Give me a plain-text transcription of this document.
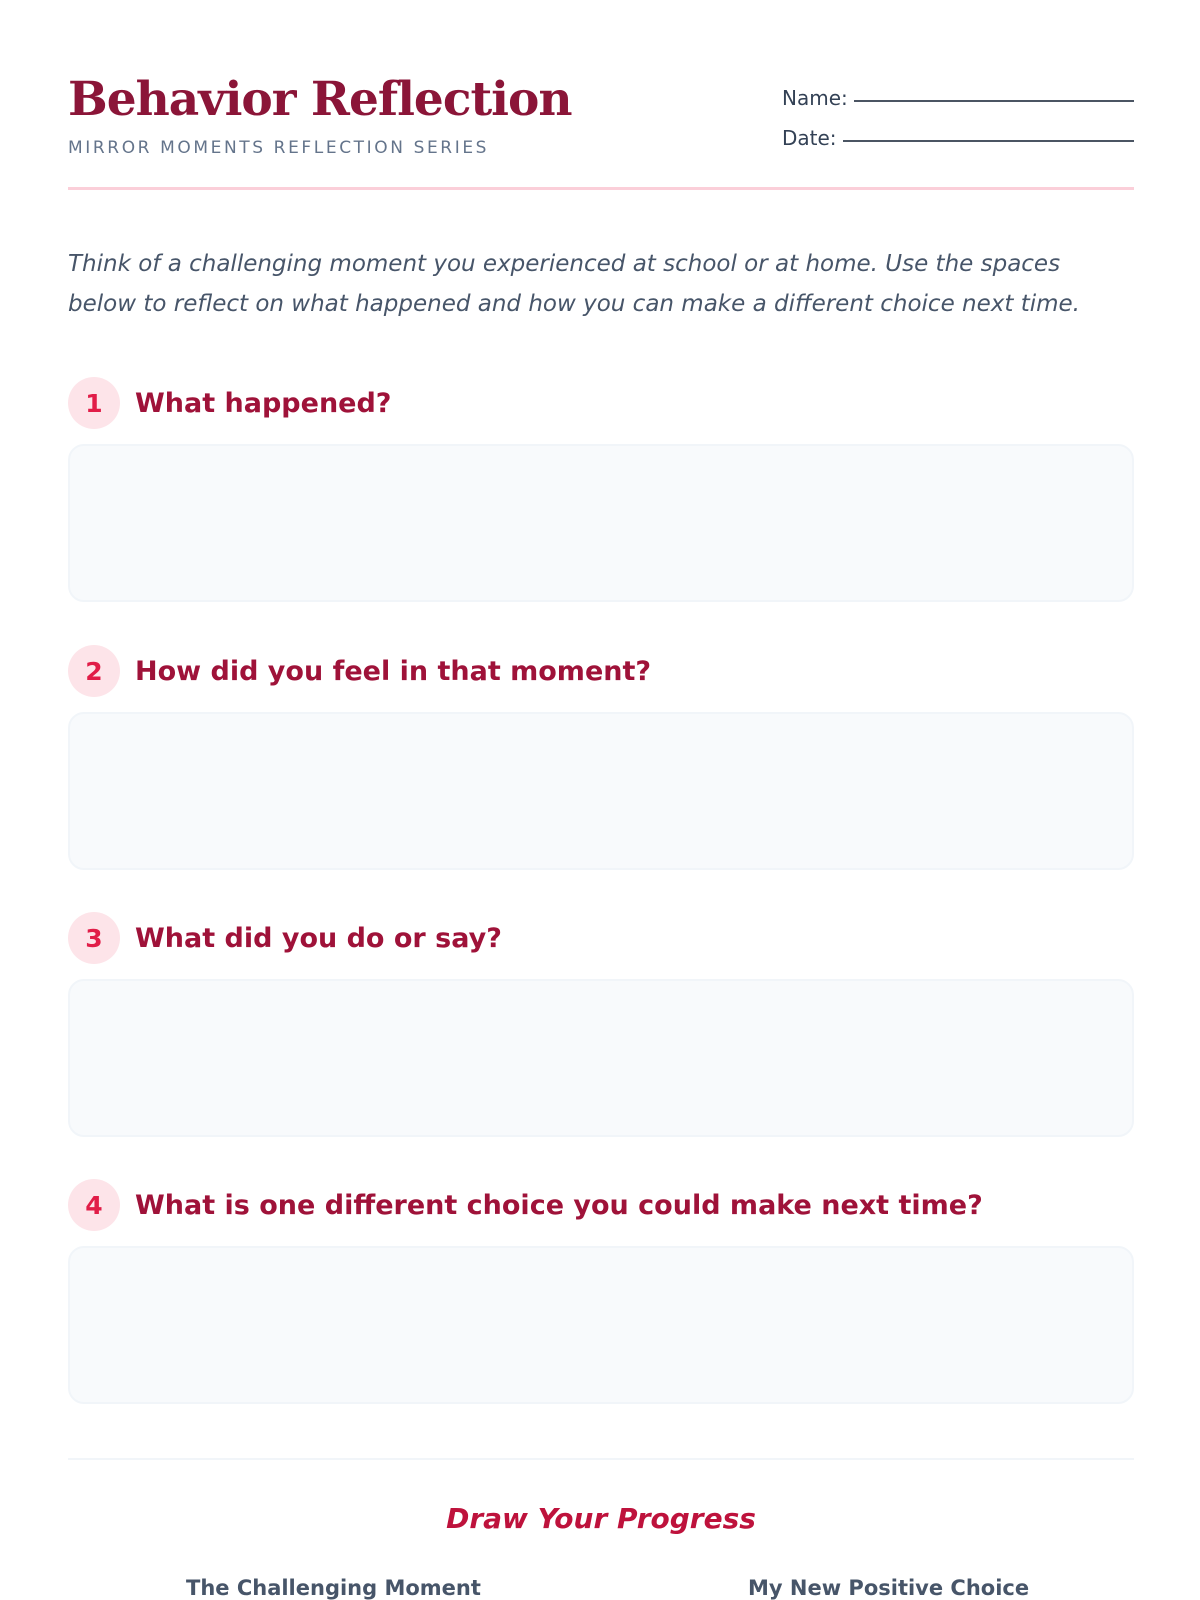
Behavior Reflection
MIRROR MOMENTS REFLECTION SERIES
Name:
Date:
Think of a challenging moment you experienced at school or at home. Use the spaces below to reflect on what happened and how you can make a different choice next time.
1	What happened?
2	How did you feel in that moment?
3	What did you do or say?
4	What is one different choice you could make next time?
Draw Your Progress
The Challenging Moment	My New Positive Choice
